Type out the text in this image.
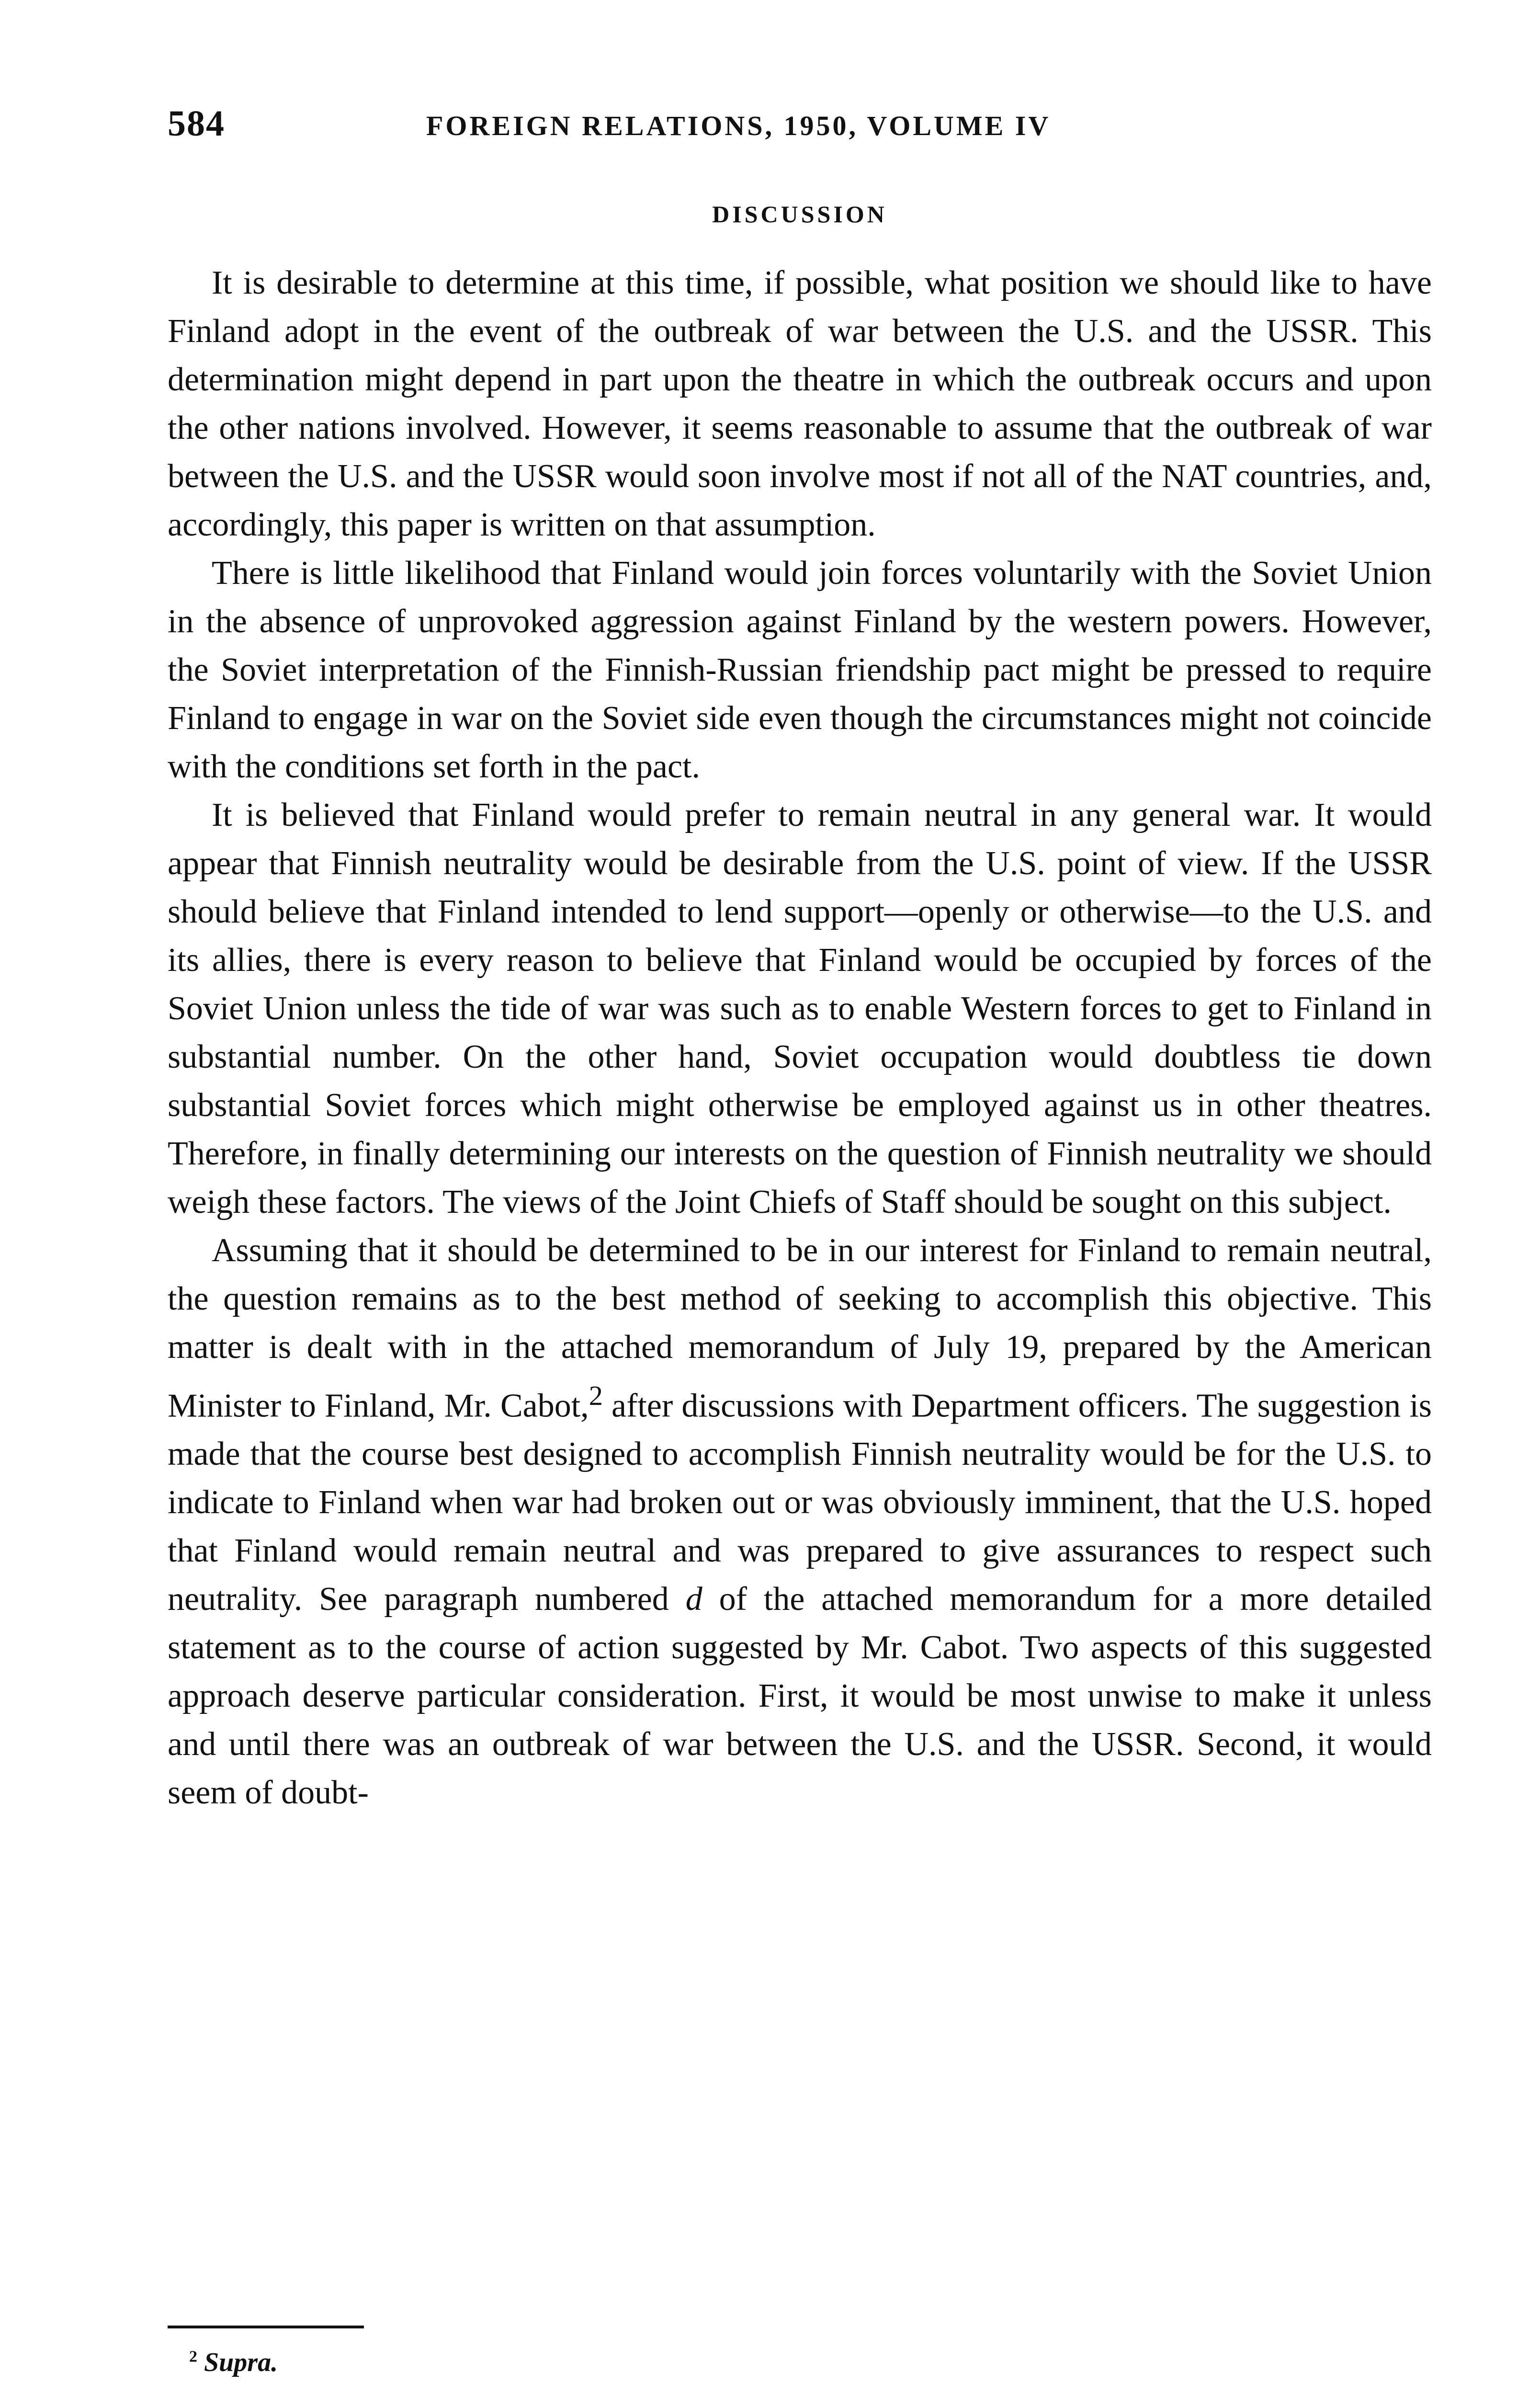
584	FOREIGN RELATIONS, 1950, VOLUME IV
DISCUSSION

It is desirable to determine at this time, if possible, what position we should like to have Finland adopt in the event of the outbreak of war between the U.S. and the USSR. This determination might depend in part upon the theatre in which the outbreak occurs and upon the other nations involved. However, it seems reasonable to assume that the outbreak of war between the U.S. and the USSR would soon involve most if not all of the NAT countries, and, accordingly, this paper is written on that assumption.

There is little likelihood that Finland would join forces voluntarily with the Soviet Union in the absence of unprovoked aggression against Finland by the western powers. However, the Soviet interpretation of the Finnish-Russian friendship pact might be pressed to require Finland to engage in war on the Soviet side even though the circumstances might not coincide with the conditions set forth in the pact.

It is believed that Finland would prefer to remain neutral in any general war. It would appear that Finnish neutrality would be desirable from the U.S. point of view. If the USSR should believe that Finland intended to lend support—openly or otherwise—to the U.S. and its allies, there is every reason to believe that Finland would be occupied by forces of the Soviet Union unless the tide of war was such as to enable Western forces to get to Finland in substantial number. On the other hand, Soviet occupation would doubtless tie down substantial Soviet forces which might otherwise be employed against us in other theatres. Therefore, in finally determining our interests on the question of Finnish neutrality we should weigh these factors. The views of the Joint Chiefs of Staff should be sought on this subject.

Assuming that it should be determined to be in our interest for Finland to remain neutral, the question remains as to the best method of seeking to accomplish this objective. This matter is dealt with in the attached memorandum of July 19, prepared by the American Minister to Finland, Mr. Cabot,$^2$ after discussions with Department officers. The suggestion is made that the course best designed to accomplish Finnish neutrality would be for the U.S. to indicate to Finland when war had broken out or was obviously imminent, that the U.S. hoped that Finland would remain neutral and was prepared to give assurances to respect such neutrality. See paragraph numbered d of the attached memorandum for a more detailed statement as to the course of action suggested by Mr. Cabot. Two aspects of this suggested approach deserve particular consideration. First, it would be most unwise to make it unless and until there was an outbreak of war between the U.S. and the USSR. Second, it would seem of doubt-

$^2$ Supra.
